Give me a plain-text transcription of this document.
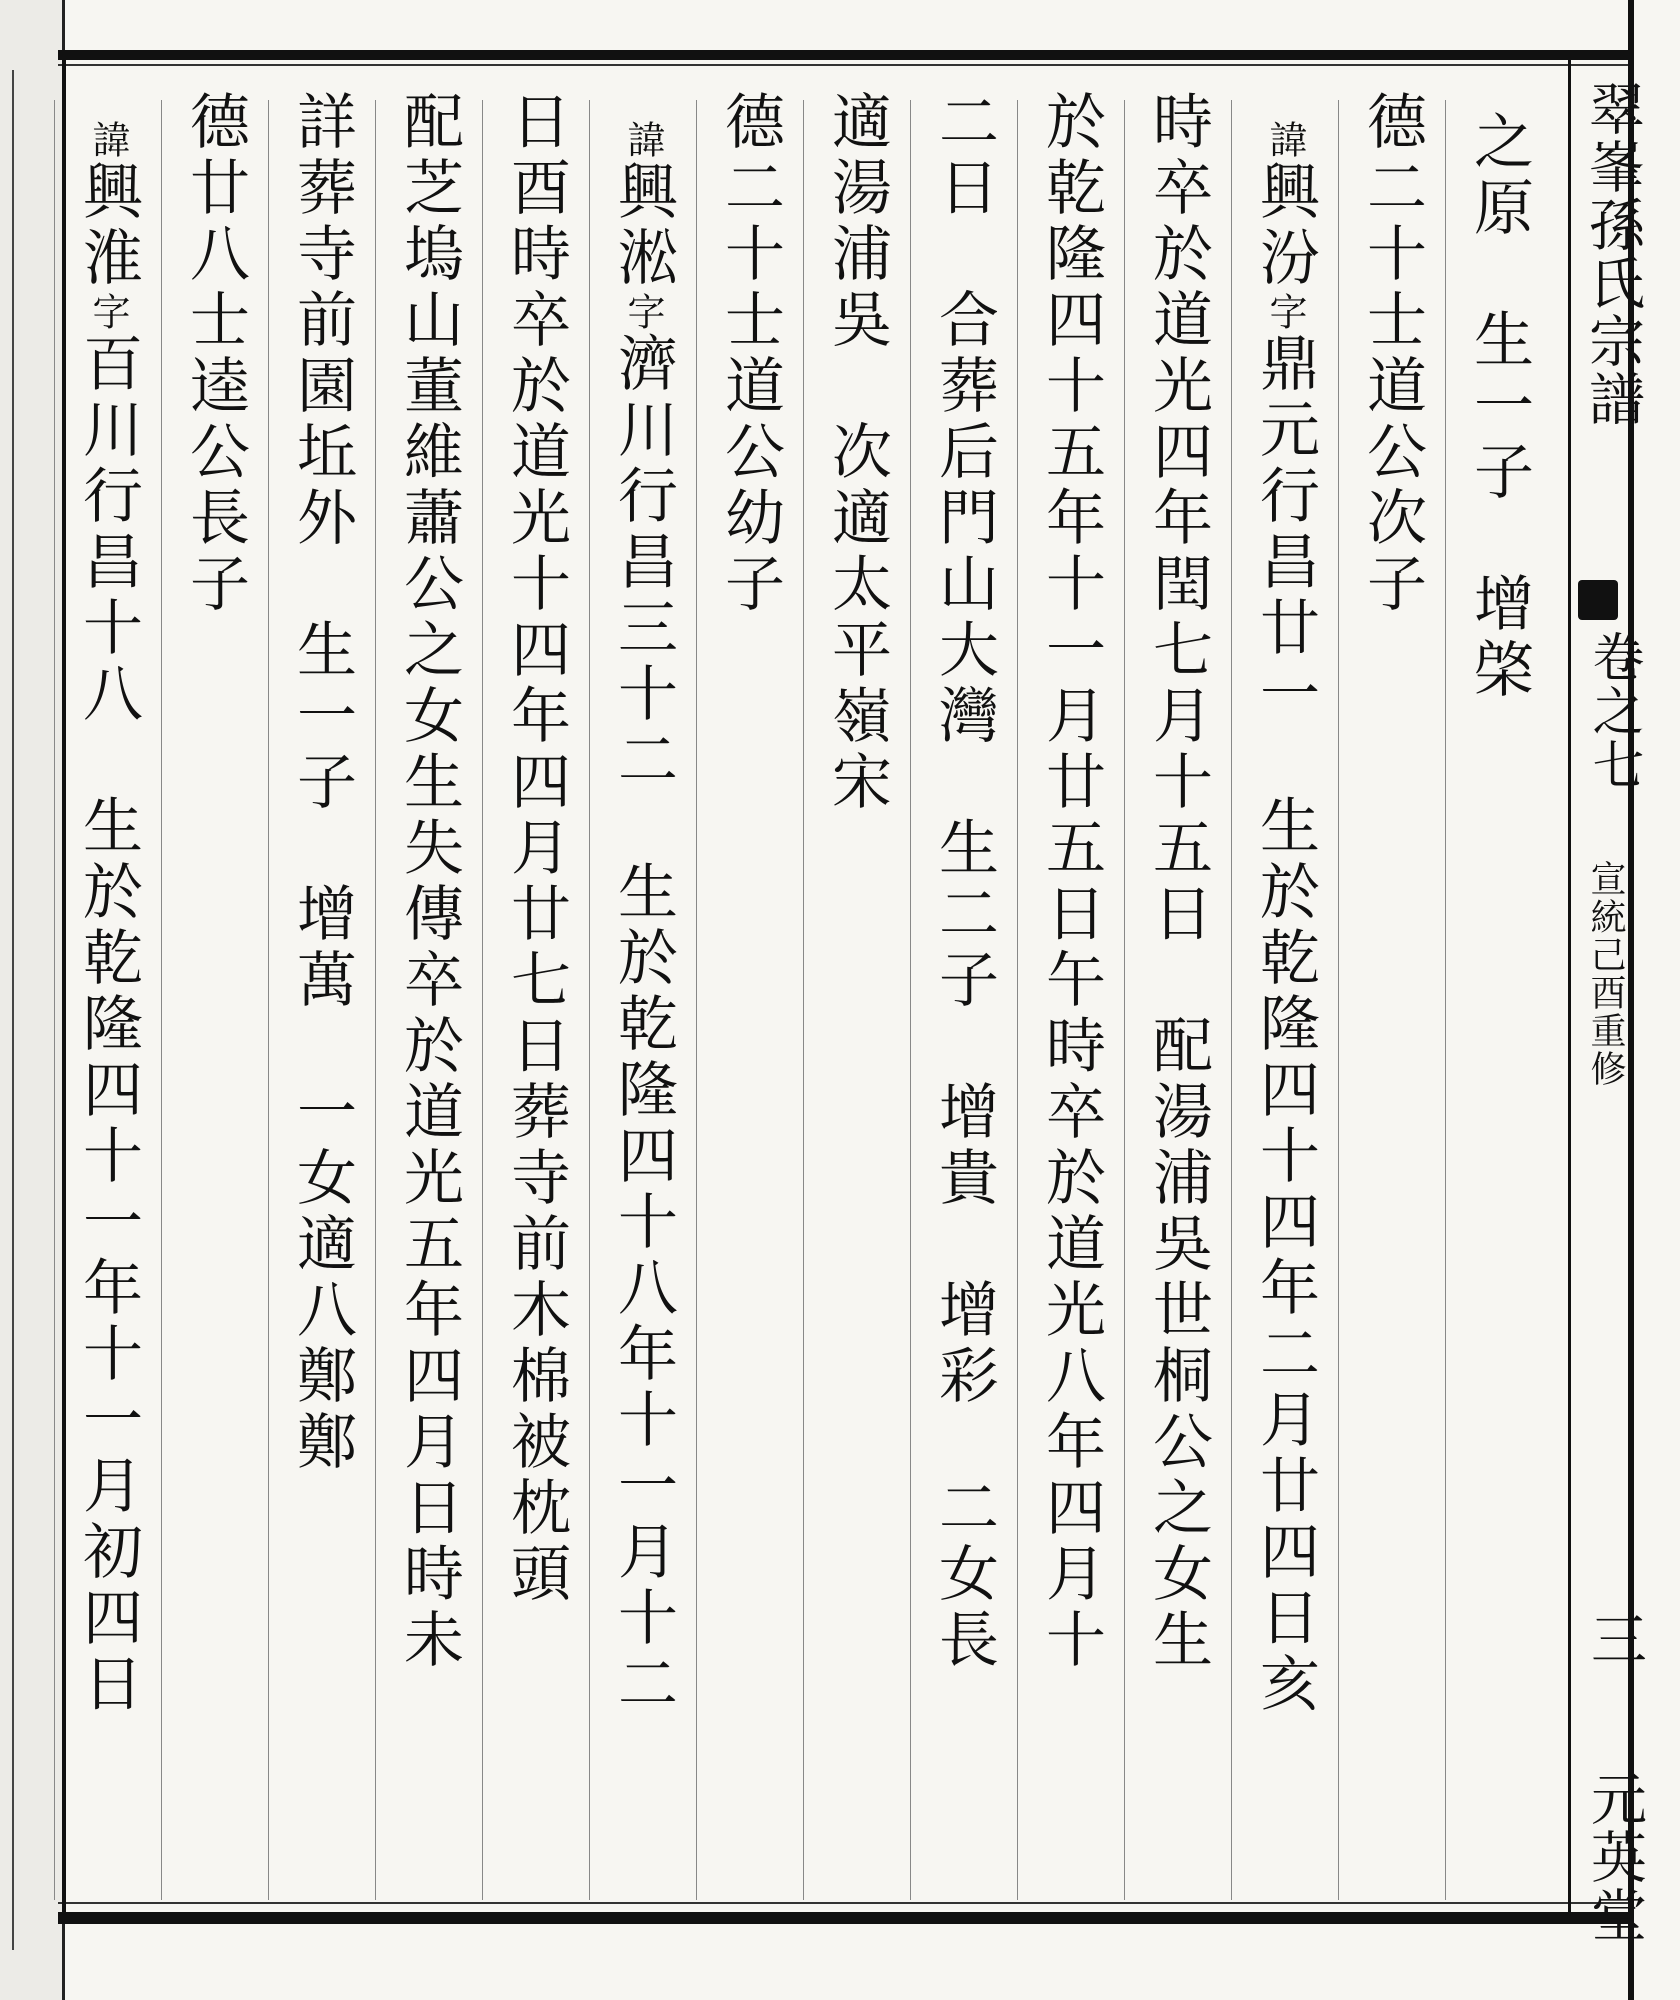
翠峯孫氏宗譜
卷之七
宣統己酉重修
三
元英堂
之原　生一子　增棨
德二十士道公次子
諱興汾字鼎元行昌廿一　生於乾隆四十四年二月廿四日亥
時卒於道光四年閏七月十五日　配湯浦吳世桐公之女生
於乾隆四十五年十一月廿五日午時卒於道光八年四月十
二日　合葬后門山大灣　生二子　增貴　增彩　二女長
適湯浦吳　次適太平嶺宋
德二十士道公幼子
諱興淞字濟川行昌三十二　生於乾隆四十八年十一月十二
日酉時卒於道光十四年四月廿七日葬寺前木棉被枕頭
配芝塢山董維蕭公之女生失傳卒於道光五年四月日時未
詳葬寺前園坵外　生一子　增萬　一女適八鄭鄭
德廿八士逵公長子
諱興淮字百川行昌十八　生於乾隆四十一年十一月初四日
